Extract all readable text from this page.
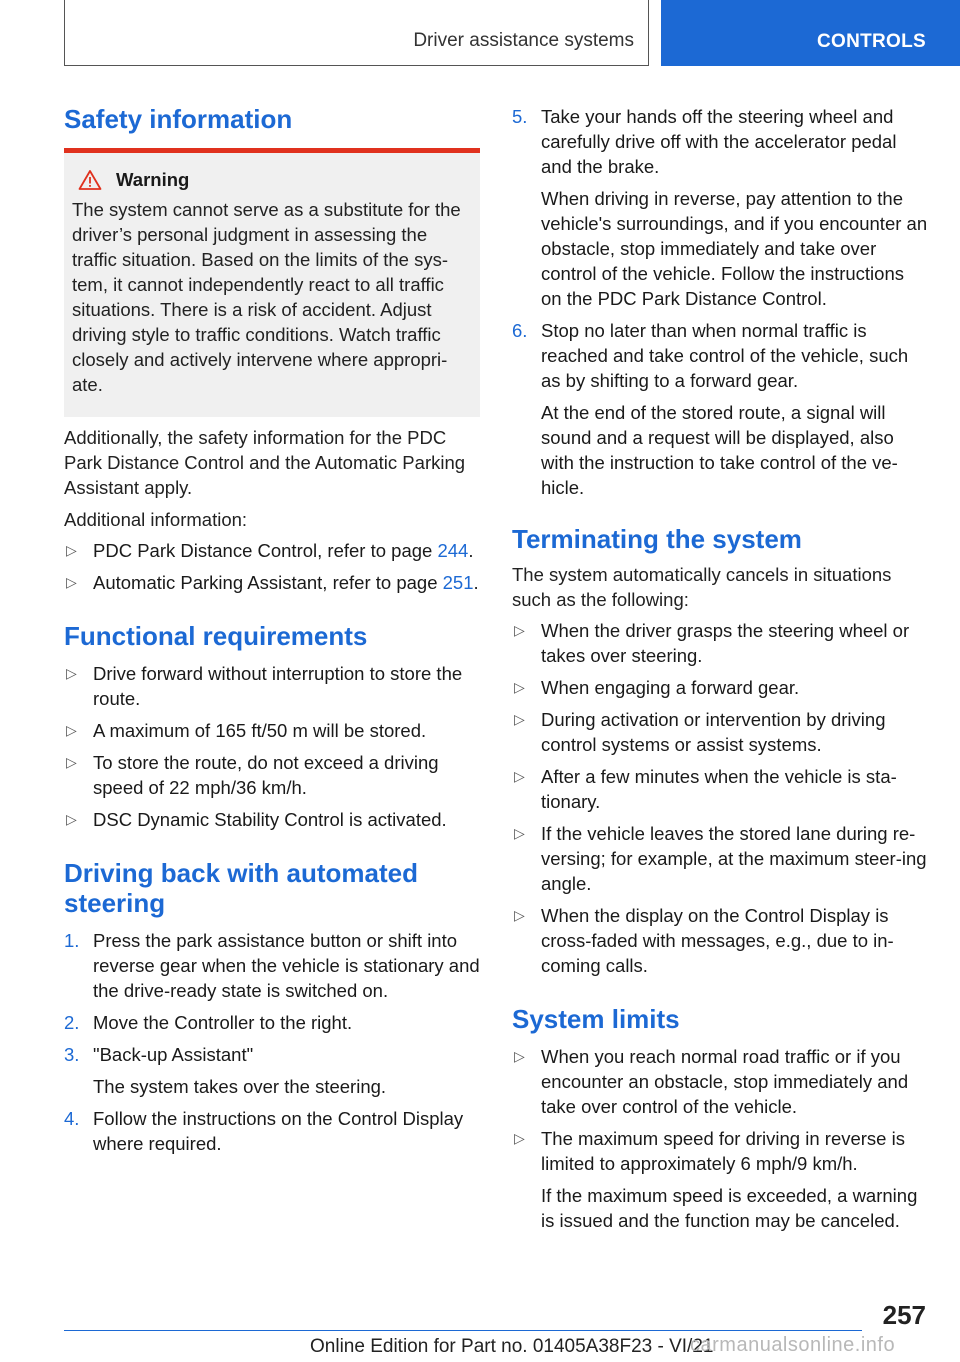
Driver assistance systems	CONTROLS
Safety information
Warning

The system cannot serve as a substitute for the driver’s personal judgment in assessing the traffic situation. Based on the limits of the sys-tem, it cannot independently react to all traffic situations. There is a risk of accident. Adjust driving style to traffic conditions. Watch traffic closely and actively intervene where appropri-ate.

Additionally, the safety information for the PDC Park Distance Control and the Automatic Parking Assistant apply.

Additional information:

▷ PDC Park Distance Control, refer to page 244.
▷ Automatic Parking Assistant, refer to page 251.
Functional requirements
▷ Drive forward without interruption to store the route.
▷ A maximum of 165 ft/50 m will be stored.
▷ To store the route, do not exceed a driving speed of 22 mph/36 km/h.
▷ DSC Dynamic Stability Control is activated.
Driving back with automated steering
1. Press the park assistance button or shift into reverse gear when the vehicle is stationary and the drive-ready state is switched on.
2. Move the Controller to the right.
3. "Back-up Assistant"
The system takes over the steering.
4. Follow the instructions on the Control Display where required.
5. Take your hands off the steering wheel and carefully drive off with the accelerator pedal and the brake.
When driving in reverse, pay attention to the vehicle's surroundings, and if you encounter an obstacle, stop immediately and take over control of the vehicle. Follow the instructions on the PDC Park Distance Control.
6. Stop no later than when normal traffic is reached and take control of the vehicle, such as by shifting to a forward gear.
At the end of the stored route, a signal will sound and a request will be displayed, also with the instruction to take control of the ve-hicle.
Terminating the system

The system automatically cancels in situations such as the following:

▷ When the driver grasps the steering wheel or takes over steering.
▷ When engaging a forward gear.
▷ During activation or intervention by driving control systems or assist systems.
▷ After a few minutes when the vehicle is sta-tionary.
▷ If the vehicle leaves the stored lane during re-versing; for example, at the maximum steer-ing angle.
▷ When the display on the Control Display is cross-faded with messages, e.g., due to in-coming calls.
System limits
▷ When you reach normal road traffic or if you encounter an obstacle, stop immediately and take over control of the vehicle.
▷ The maximum speed for driving in reverse is limited to approximately 6 mph/9 km/h.
If the maximum speed is exceeded, a warning is issued and the function may be canceled.
257
Online Edition for Part no. 01405A38F23 - VI/21
carmanualsonline.info
